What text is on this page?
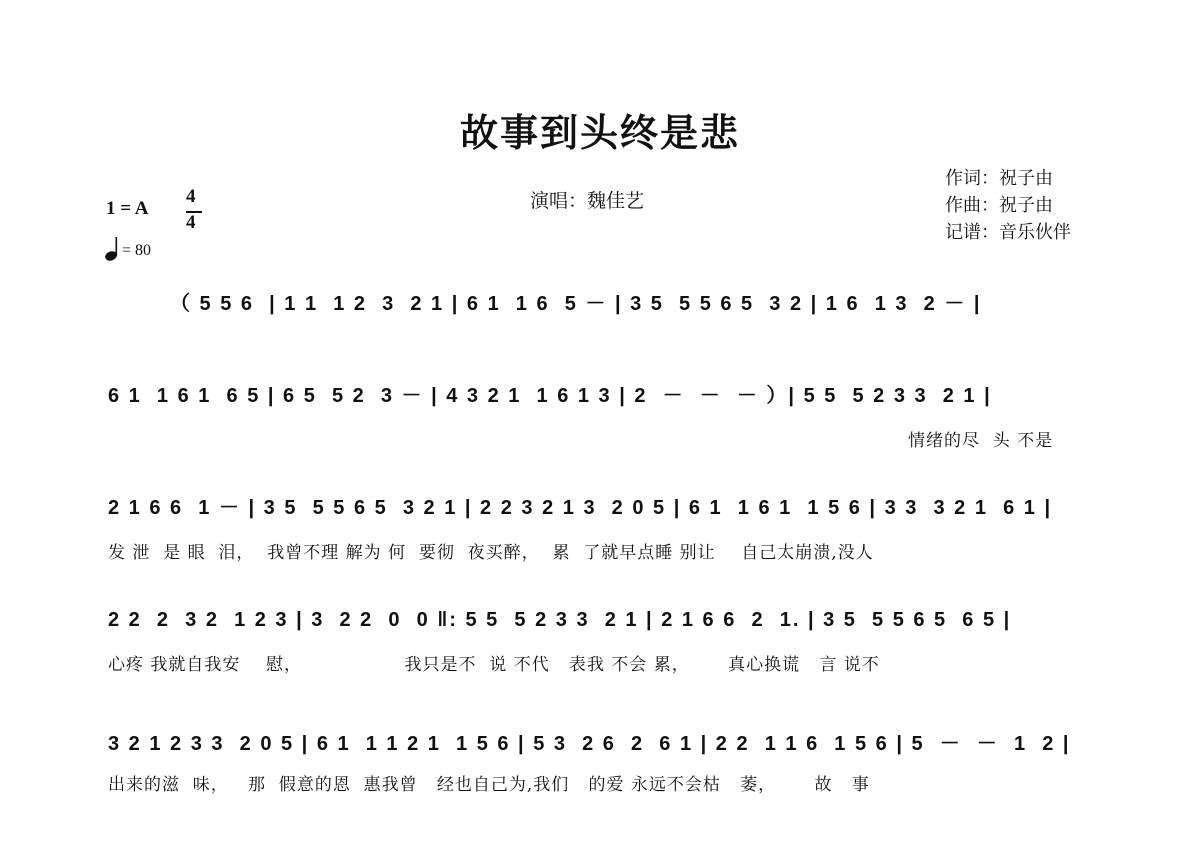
故事到头终是悲
演唱：魏佳艺
作词：祝子由
作曲：祝子由
记谱：音乐伙伴
1 = A
4
4
= 80
（ 5 5 6  | 1 1  1 2  3  2 1 | 6 1  1 6  5 － | 3 5  5 5 6 5  3 2 | 1 6  1 3  2 － |
6 1  1 6 1  6 5 | 6 5  5 2  3 － | 4 3 2 1  1 6 1 3 | 2  －  －  － ）| 5 5  5 2 3 3  2 1 |
情绪的尽  头 不是
2 1 6 6  1 － | 3 5  5 5 6 5  3 2 1 | 2 2 3 2 1 3  2 0 5 | 6 1  1 6 1  1 5 6 | 3 3  3 2 1  6 1 |
发 泄  是 眼  泪，  我曾不理 解为 何  要彻  夜买醉，  累  了就早点睡 别让    自己太崩溃,没人
2 2  2  3 2  1 2 3 | 3  2 2  0  0 ‖: 5 5  5 2 3 3  2 1 | 2 1 6 6  2  1. | 3 5  5 5 6 5  6 5 |
心疼 我就自我安    慰，                我只是不  说 不代   表我 不会 累，      真心换谎   言 说不
3 2 1 2 3 3  2 0 5 | 6 1  1 1 2 1  1 5 6 | 5 3  2 6  2  6 1 | 2 2  1 1 6  1 5 6 | 5  －  －  1  2 |
出来的滋  味，   那  假意的恩  惠我曾   经也自己为,我们   的爱 永远不会枯   萎，      故   事
